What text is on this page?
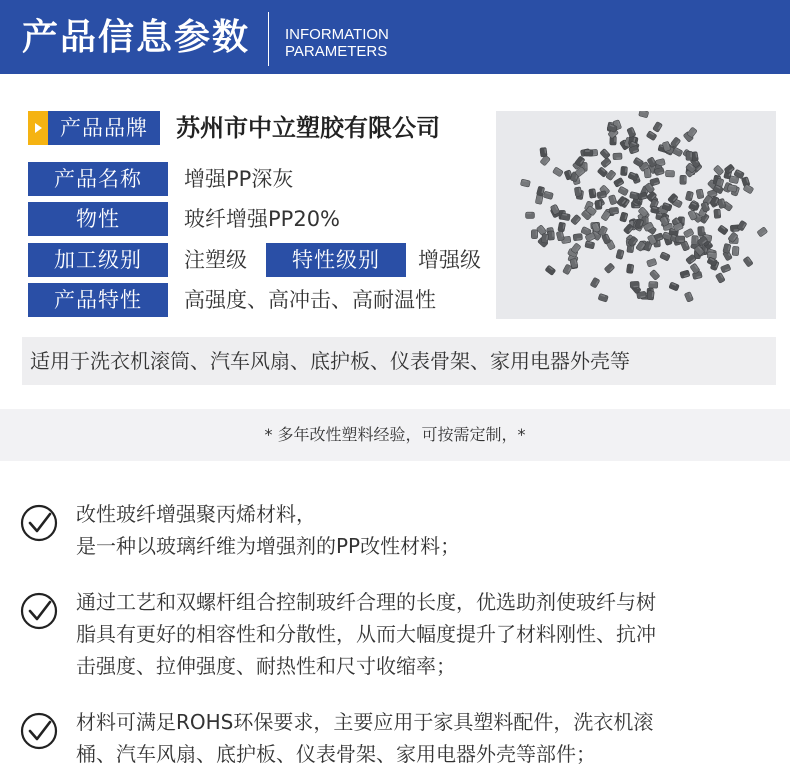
产品信息参数 INFORMATION
PARAMETERS
产品品牌	苏州市中立塑胶有限公司
产品名称	增强PP深灰
物性	玻纤增强PP20%
加工级别	注塑级	特性级别	增强级
产品特性	高强度、高冲击、高耐温性
适用于洗衣机滚筒、汽车风扇、底护板、仪表骨架、家用电器外壳等
* 多年改性塑料经验，可按需定制，*
改性玻纤增强聚丙烯材料，
是一种以玻璃纤维为增强剂的PP改性材料；
通过工艺和双螺杆组合控制玻纤合理的长度，优选助剂使玻纤与树
脂具有更好的相容性和分散性，从而大幅度提升了材料刚性、抗冲
击强度、拉伸强度、耐热性和尺寸收缩率；
材料可满足ROHS环保要求，主要应用于家具塑料配件，洗衣机滚
桶、汽车风扇、底护板、仪表骨架、家用电器外壳等部件；
